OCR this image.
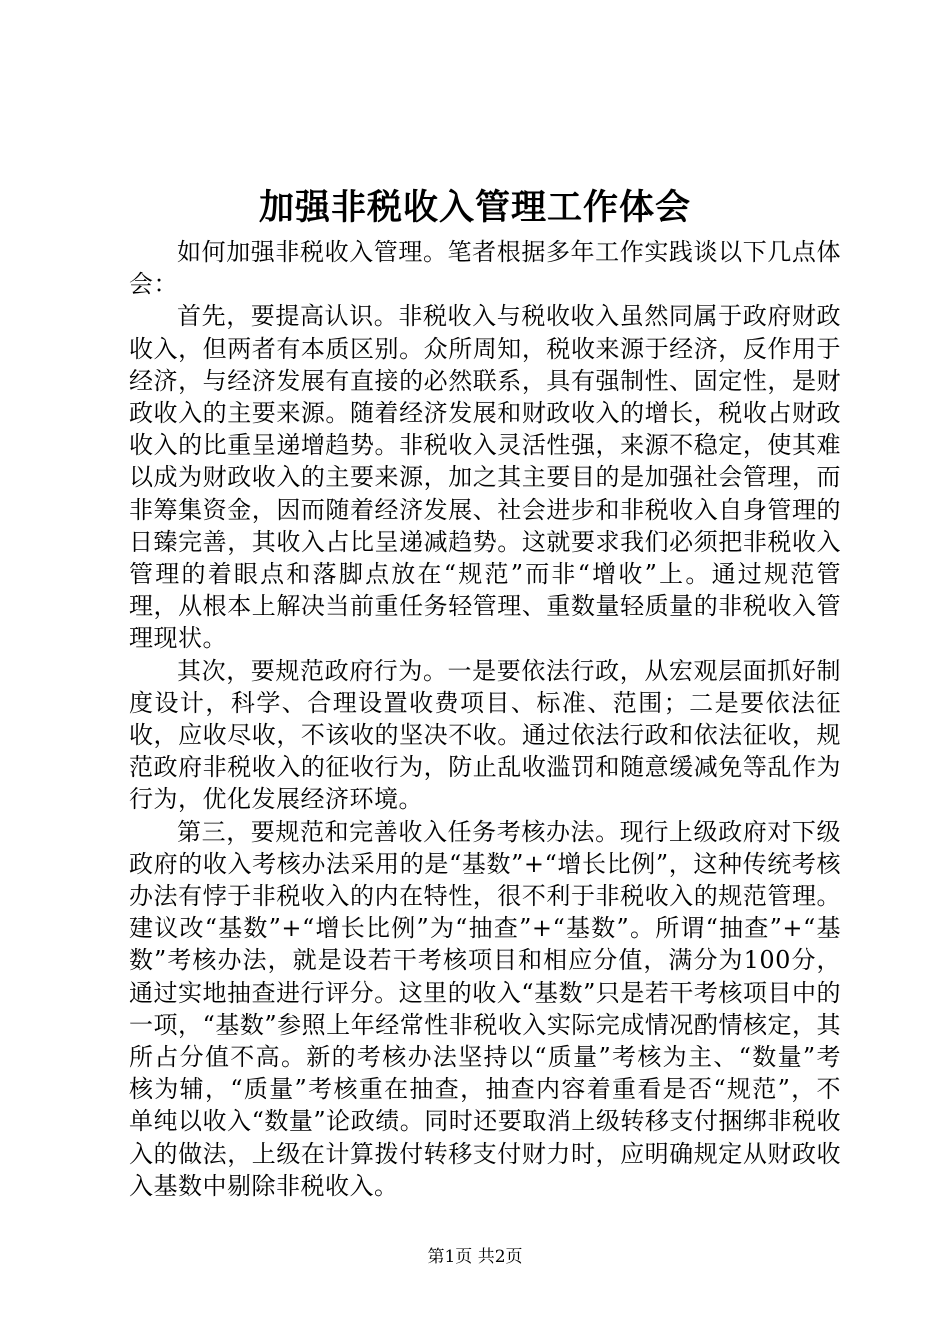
加强非税收入管理工作体会

如何加强非税收入管理。笔者根据多年工作实践谈以下几点体会：

首先，要提高认识。非税收入与税收收入虽然同属于政府财政收入，但两者有本质区别。众所周知，税收来源于经济，反作用于经济，与经济发展有直接的必然联系，具有强制性、固定性，是财政收入的主要来源。随着经济发展和财政收入的增长，税收占财政收入的比重呈递增趋势。非税收入灵活性强，来源不稳定，使其难以成为财政收入的主要来源，加之其主要目的是加强社会管理，而非筹集资金，因而随着经济发展、社会进步和非税收入自身管理的日臻完善，其收入占比呈递减趋势。这就要求我们必须把非税收入管理的着眼点和落脚点放在“规范”而非“增收”上。通过规范管理，从根本上解决当前重任务轻管理、重数量轻质量的非税收入管理现状。

其次，要规范政府行为。一是要依法行政，从宏观层面抓好制度设计，科学、合理设置收费项目、标准、范围；二是要依法征收，应收尽收，不该收的坚决不收。通过依法行政和依法征收，规范政府非税收入的征收行为，防止乱收滥罚和随意缓减免等乱作为行为，优化发展经济环境。

第三，要规范和完善收入任务考核办法。现行上级政府对下级政府的收入考核办法采用的是“基数”+“增长比例”，这种传统考核办法有悖于非税收入的内在特性，很不利于非税收入的规范管理。建议改“基数”+“增长比例”为“抽查”+“基数”。所谓“抽查”+“基数”考核办法，就是设若干考核项目和相应分值，满分为100分，通过实地抽查进行评分。这里的收入“基数”只是若干考核项目中的一项，“基数”参照上年经常性非税收入实际完成情况酌情核定，其所占分值不高。新的考核办法坚持以“质量”考核为主、“数量”考核为辅，“质量”考核重在抽查，抽查内容着重看是否“规范”，不单纯以收入“数量”论政绩。同时还要取消上级转移支付捆绑非税收入的做法，上级在计算拨付转移支付财力时，应明确规定从财政收入基数中剔除非税收入。

第1页 共2页
